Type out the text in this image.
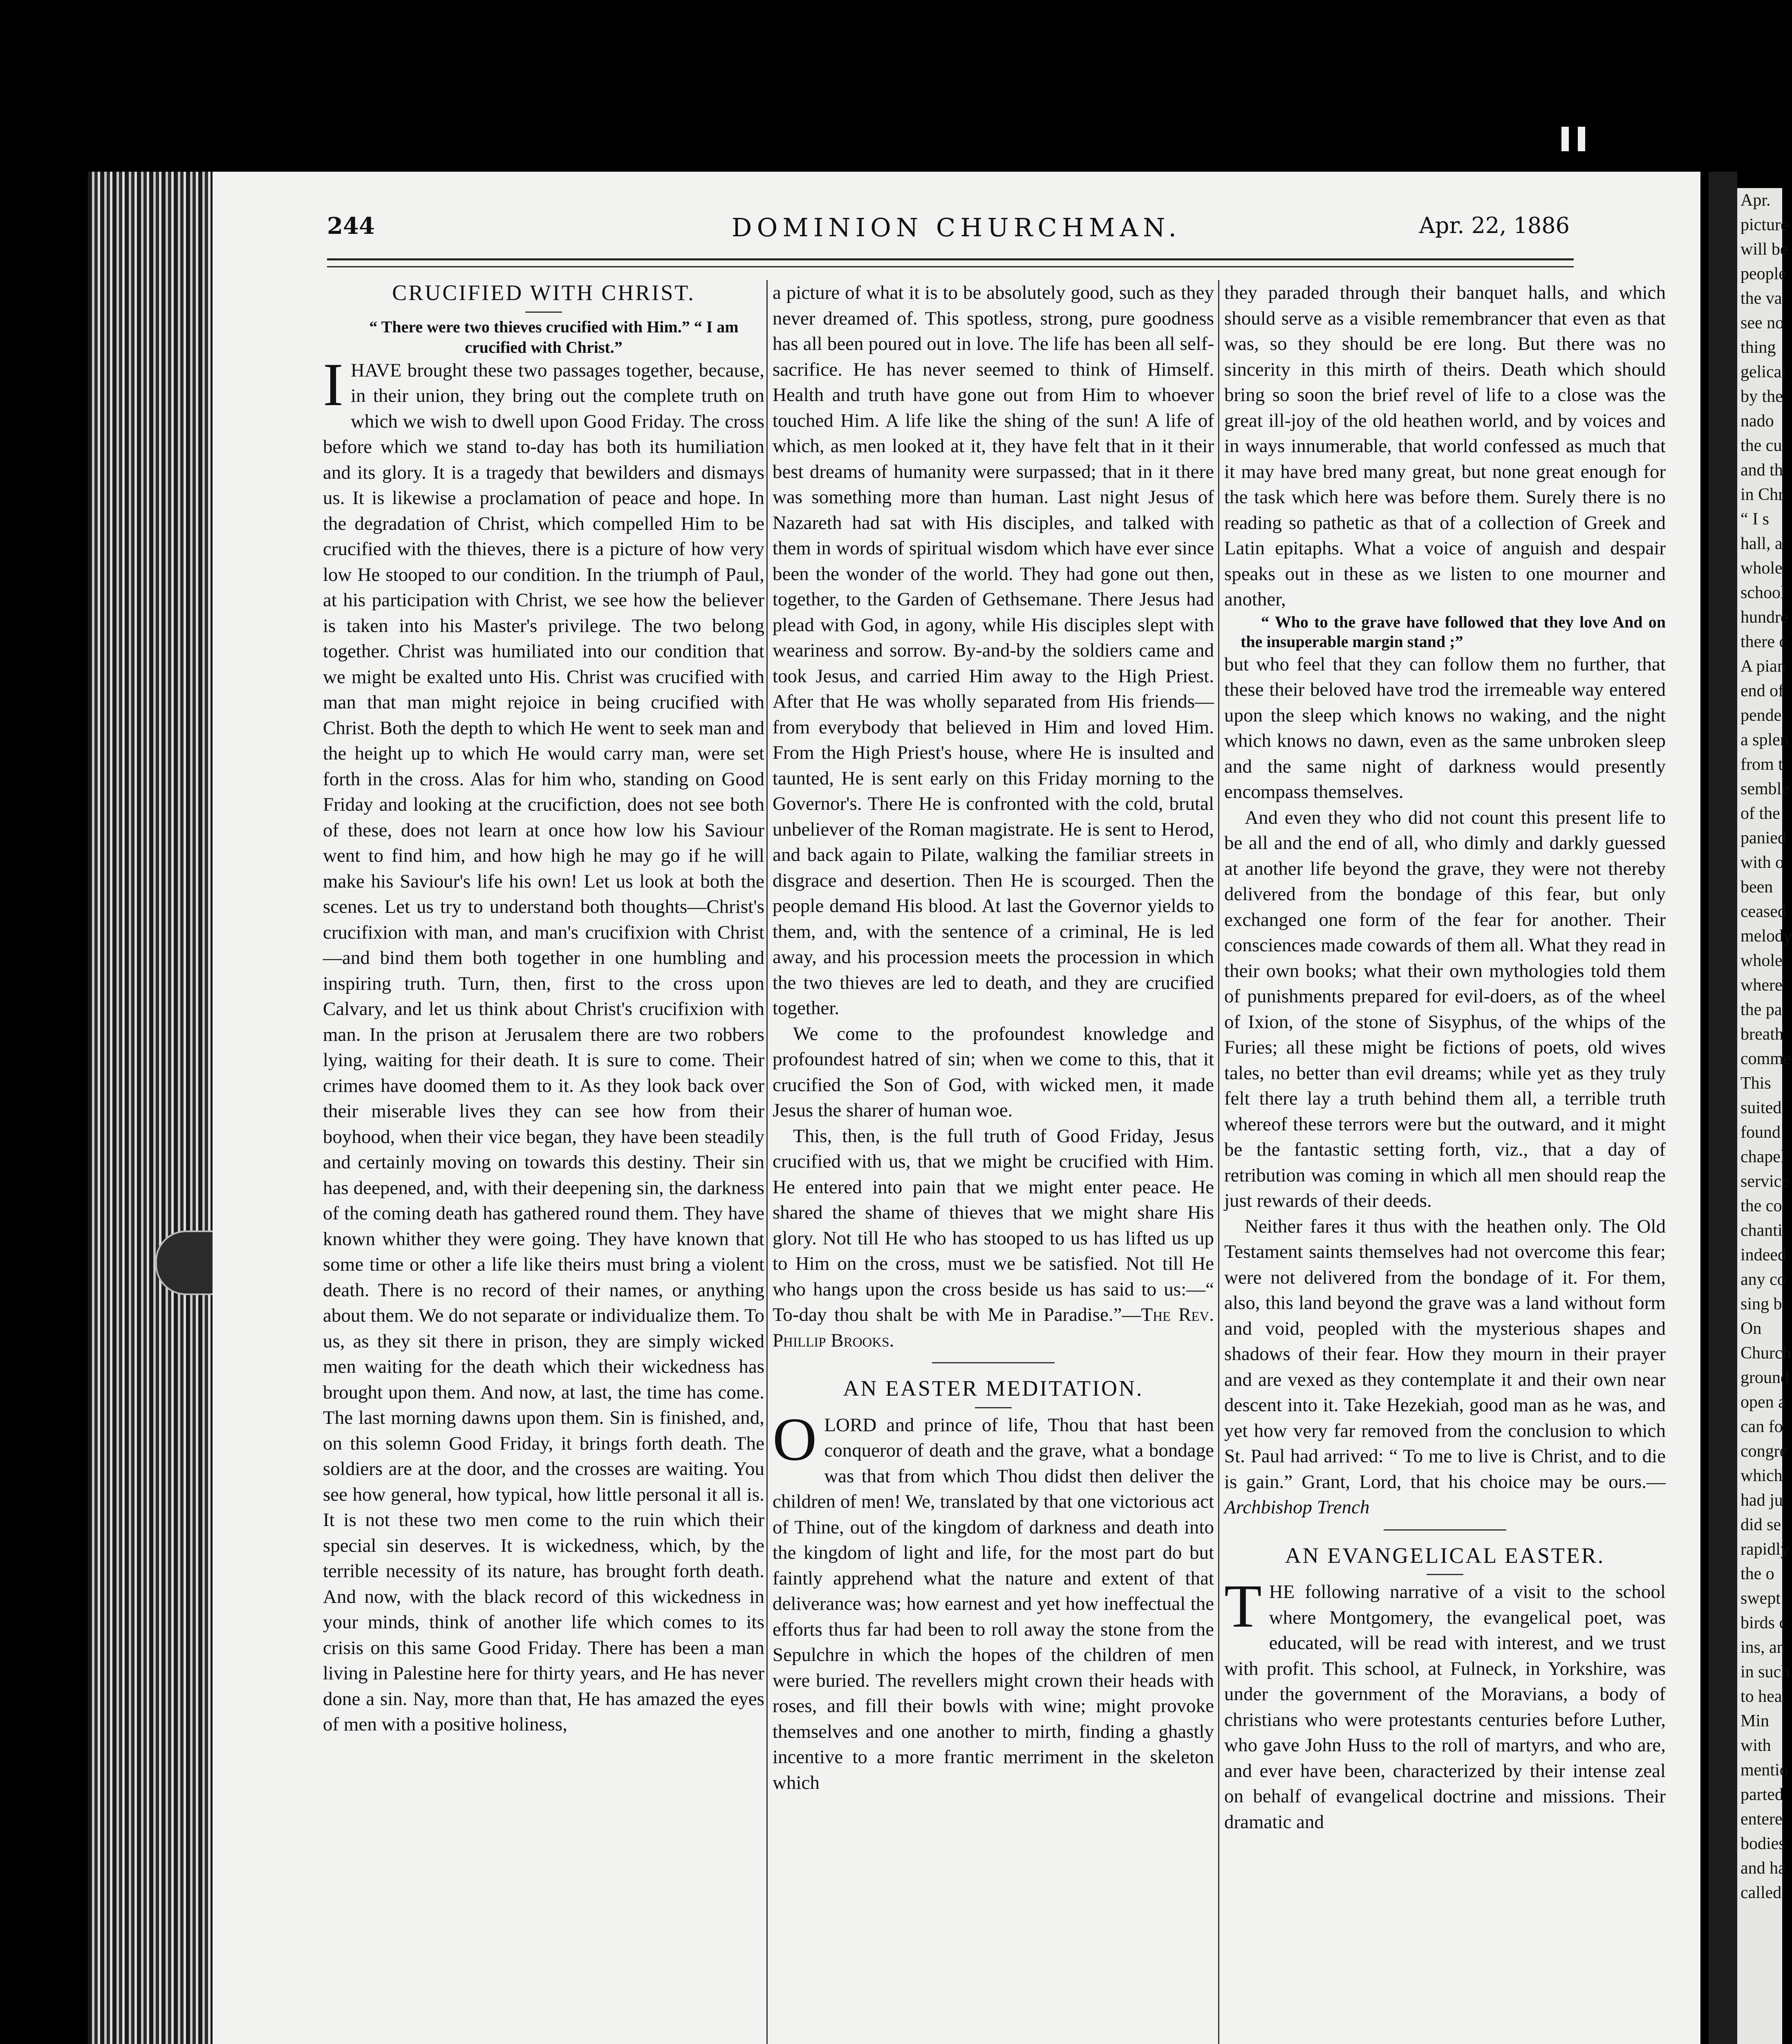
244	DOMINION CHURCHMAN.	Apr. 22, 1886
CRUCIFIED WITH CHRIST.

“ There were two thieves crucified with Him.” “ I am crucified with Christ.”

IHAVE brought these two passages together, because, in their union, they bring out the complete truth on which we wish to dwell upon Good Friday. The cross before which we stand to-day has both its humiliation and its glory. It is a tragedy that bewilders and dismays us. It is likewise a proclamation of peace and hope. In the degradation of Christ, which compelled Him to be crucified with the thieves, there is a picture of how very low He stooped to our condition. In the triumph of Paul, at his participation with Christ, we see how the believer is taken into his Master's privilege. The two belong together. Christ was humiliated into our condition that we might be exalted unto His. Christ was crucified with man that man might rejoice in being crucified with Christ. Both the depth to which He went to seek man and the height up to which He would carry man, were set forth in the cross. Alas for him who, standing on Good Friday and looking at the crucifiction, does not see both of these, does not learn at once how low his Saviour went to find him, and how high he may go if he will make his Saviour's life his own! Let us look at both the scenes. Let us try to understand both thoughts—Christ's crucifixion with man, and man's crucifixion with Christ—and bind them both together in one humbling and inspiring truth. Turn, then, first to the cross upon Calvary, and let us think about Christ's crucifixion with man. In the prison at Jerusalem there are two robbers lying, waiting for their death. It is sure to come. Their crimes have doomed them to it. As they look back over their miserable lives they can see how from their boyhood, when their vice began, they have been steadily and certainly moving on towards this destiny. Their sin has deepened, and, with their deepening sin, the darkness of the coming death has gathered round them. They have known whither they were going. They have known that some time or other a life like theirs must bring a violent death. There is no record of their names, or anything about them. We do not separate or individualize them. To us, as they sit there in prison, they are simply wicked men waiting for the death which their wickedness has brought upon them. And now, at last, the time has come. The last morning dawns upon them. Sin is finished, and, on this solemn Good Friday, it brings forth death. The soldiers are at the door, and the crosses are waiting. You see how general, how typical, how little personal it all is. It is not these two men come to the ruin which their special sin deserves. It is wickedness, which, by the terrible necessity of its nature, has brought forth death. And now, with the black record of this wickedness in your minds, think of another life which comes to its crisis on this same Good Friday. There has been a man living in Palestine here for thirty years, and He has never done a sin. Nay, more than that, He has amazed the eyes of men with a positive holiness,

a picture of what it is to be absolutely good, such as they never dreamed of. This spotless, strong, pure goodness has all been poured out in love. The life has been all self-sacrifice. He has never seemed to think of Himself. Health and truth have gone out from Him to whoever touched Him. A life like the shing of the sun! A life of which, as men looked at it, they have felt that in it their best dreams of humanity were surpassed; that in it there was something more than human. Last night Jesus of Nazareth had sat with His disciples, and talked with them in words of spiritual wisdom which have ever since been the wonder of the world. They had gone out then, together, to the Garden of Gethsemane. There Jesus had plead with God, in agony, while His disciples slept with weariness and sorrow. By-and-by the soldiers came and took Jesus, and carried Him away to the High Priest. After that He was wholly separated from His friends—from everybody that believed in Him and loved Him. From the High Priest's house, where He is insulted and taunted, He is sent early on this Friday morning to the Governor's. There He is confronted with the cold, brutal unbeliever of the Roman magistrate. He is sent to Herod, and back again to Pilate, walking the familiar streets in disgrace and desertion. Then He is scourged. Then the people demand His blood. At last the Governor yields to them, and, with the sentence of a criminal, He is led away, and his procession meets the procession in which the two thieves are led to death, and they are crucified together.

We come to the profoundest knowledge and profoundest hatred of sin; when we come to this, that it crucified the Son of God, with wicked men, it made Jesus the sharer of human woe.

This, then, is the full truth of Good Friday, Jesus crucified with us, that we might be crucified with Him. He entered into pain that we might enter peace. He shared the shame of thieves that we might share His glory. Not till He who has stooped to us has lifted us up to Him on the cross, must we be satisfied. Not till He who hangs upon the cross beside us has said to us:—“ To-day thou shalt be with Me in Paradise.”—The Rev. Phillip Brooks.

AN EASTER MEDITATION.

OLORD and prince of life, Thou that hast been conqueror of death and the grave, what a bondage was that from which Thou didst then deliver the children of men! We, translated by that one victorious act of Thine, out of the kingdom of darkness and death into the kingdom of light and life, for the most part do but faintly apprehend what the nature and extent of that deliverance was; how earnest and yet how ineffectual the efforts thus far had been to roll away the stone from the Sepulchre in which the hopes of the children of men were buried. The revellers might crown their heads with roses, and fill their bowls with wine; might provoke themselves and one another to mirth, finding a ghastly incentive to a more frantic merriment in the skeleton which

they paraded through their banquet halls, and which should serve as a visible remembrancer that even as that was, so they should be ere long. But there was no sincerity in this mirth of theirs. Death which should bring so soon the brief revel of life to a close was the great ill-joy of the old heathen world, and by voices and in ways innumerable, that world confessed as much that it may have bred many great, but none great enough for the task which here was before them. Surely there is no reading so pathetic as that of a collection of Greek and Latin epitaphs. What a voice of anguish and despair speaks out in these as we listen to one mourner and another,

“ Who to the grave have followed that they love And on the insuperable margin stand ;”

but who feel that they can follow them no further, that these their beloved have trod the irremeable way entered upon the sleep which knows no waking, and the night which knows no dawn, even as the same unbroken sleep and the same night of darkness would presently encompass themselves.

And even they who did not count this present life to be all and the end of all, who dimly and darkly guessed at another life beyond the grave, they were not thereby delivered from the bondage of this fear, but only exchanged one form of the fear for another. Their consciences made cowards of them all. What they read in their own books; what their own mythologies told them of punishments prepared for evil-doers, as of the wheel of Ixion, of the stone of Sisyphus, of the whips of the Furies; all these might be fictions of poets, old wives tales, no better than evil dreams; while yet as they truly felt there lay a truth behind them all, a terrible truth whereof these terrors were but the outward, and it might be the fantastic setting forth, viz., that a day of retribution was coming in which all men should reap the just rewards of their deeds.

Neither fares it thus with the heathen only. The Old Testament saints themselves had not overcome this fear; were not delivered from the bondage of it. For them, also, this land beyond the grave was a land without form and void, peopled with the mysterious shapes and shadows of their fear. How they mourn in their prayer and are vexed as they contemplate it and their own near descent into it. Take Hezekiah, good man as he was, and yet how very far removed from the conclusion to which St. Paul had arrived: “ To me to live is Christ, and to die is gain.” Grant, Lord, that his choice may be ours.—Archbishop Trench

AN EVANGELICAL EASTER.

THE following narrative of a visit to the school where Montgomery, the evangelical poet, was educated, will be read with interest, and we trust with profit. This school, at Fulneck, in Yorkshire, was under the government of the Moravians, a body of christians who were protestants centuries before Luther, who gave John Huss to the roll of martyrs, and who are, and ever have been, characterized by their intense zeal on behalf of evangelical doctrine and missions. Their dramatic and

Apr.
picture
will be
people
the va
see no
thing
gelical
by the
nado
the cu
and th
in Chr
“ I s
hall, a
whole
school
hundre
there c
A pian
end of
pende
a splen
from t
semble
of the
panied
with o
been
ceased
melody
whole
where
the pa
breath
comme
This
suited
found
chapel
service
the co
chanti
indeed
any co
sing b
On
Church
ground
open a
can fo
congre
which
had ju
did se
rapidly
the o
swept
birds c
ins, an
in such
to hea
Min
with
mentio
parted
entere
bodies
and ha
called
